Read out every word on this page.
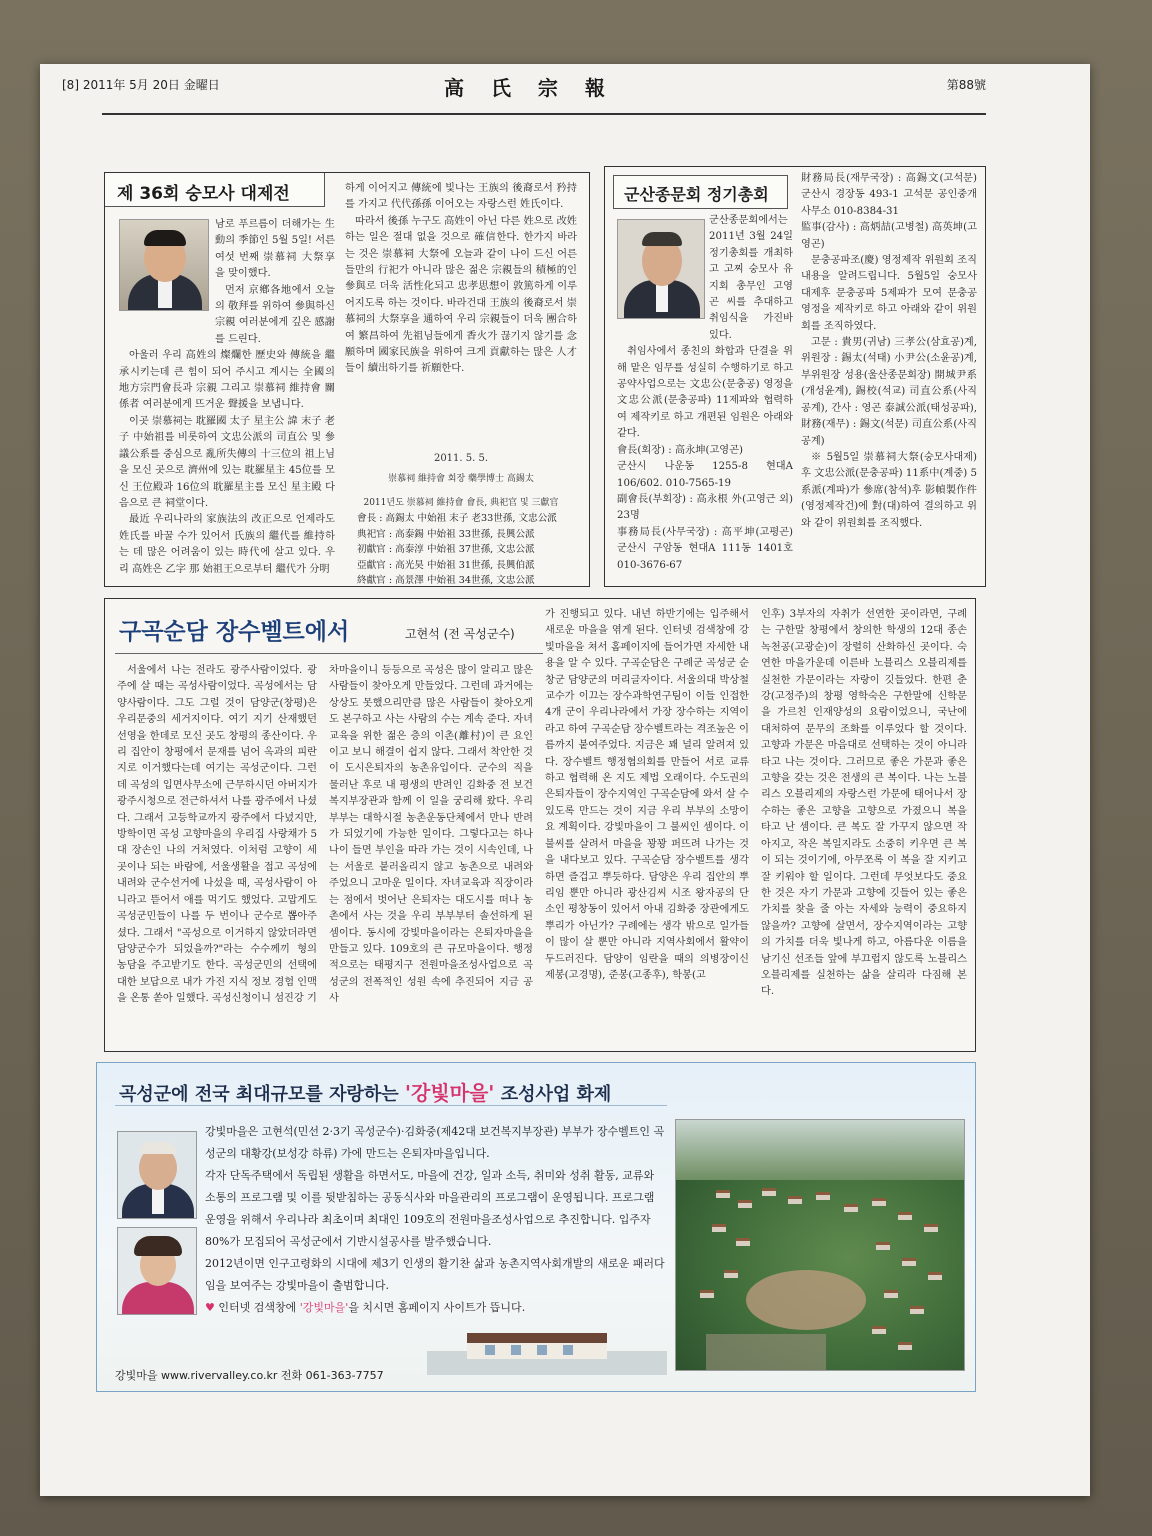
[8] 2011年 5月 20日 金曜日	高 氏 宗 報	第88號
제 36회 숭모사 대제전

남로 푸르름이 더해가는 生動의 季節인 5월 5일! 서른 여섯 번째 崇慕祠 大祭享을 맞이했다.

먼저 京鄕各地에서 오늘의 敬拜를 위하여 參與하신 宗親 여러분에게 깊은 感謝를 드린다.

아울러 우리 高姓의 燦爛한 歷史와 傳統을 繼承시키는데 큰 힘이 되어 주시고 계시는 全國의 地方宗門會長과 宗親 그리고 崇慕祠 維持會 關係者 여러분에게 뜨거운 聲援을 보냅니다.

이곳 崇慕祠는 耽羅國 太子 星主公 諱 末子 老子 中始祖를 비롯하여 文忠公派의 司直公 및 參議公系를 중심으로 亂所失傳의 十三位의 祖上님을 모신 곳으로 濟州에 있는 耽羅星主 45位를 모신 王位殿과 16位의 耽羅星主를 모신 星主殿 다음으로 큰 祠堂이다.

最近 우리나라의 家族法의 改正으로 언제라도 姓氏를 바꿀 수가 있어서 氏族의 繼代를 維持하는 데 많은 어려움이 있는 時代에 살고 있다. 우리 高姓은 乙字 那 始祖王으로부터 繼代가 分明

하게 이어지고 傳統에 빛나는 王族의 後裔로서 矜持를 가지고 代代孫孫 이어오는 자랑스런 姓氏이다.

따라서 後孫 누구도 高姓이 아닌 다른 姓으로 改姓하는 일은 절대 없을 것으로 確信한다. 한가지 바라는 것은 崇慕祠 大祭에 오늘과 같이 나이 드신 어른들만의 行祀가 아니라 많은 젊은 宗親들의 積極的인 參與로 더욱 活性化되고 忠孝思想이 敦篤하게 이루어지도록 하는 것이다. 바라건대 王族의 後裔로서 崇慕祠의 大祭享을 通하여 우리 宗親들이 더욱 團合하여 繁昌하여 先祖님들에게 香火가 끊기지 않기를 念願하며 國家民族을 위하여 크게 貢獻하는 많은 人才들이 續出하기를 祈願한다.

2011. 5. 5.
崇慕祠 維持會 회장 藥學博士 高錫太
2011년도 崇慕祠 維持會 會長, 典祀官 및 三獻官
會長 : 高錫太 中始祖 末子 老33世孫, 文忠公派
典祀官 : 高泰錫 中始祖 33世孫, 長興公派
初獻官 : 高泰淳 中始祖 37世孫, 文忠公派
亞獻官 : 高光昊 中始祖 31世孫, 長興伯派
終獻官 : 高景澤 中始祖 34世孫, 文忠公派
군산종문회 정기총회

군산종문회에서는 2011년 3월 24일 정기총회를 개최하고 고찌 숭모사 유지회 총무인 고영곤 씨를 추대하고 취임식을 가진바 있다.

취임사에서 종친의 화합과 단결을 위해 맡은 임무를 성실히 수행하기로 하고 공약사업으로는 文忠公(문충공) 영정을 文忠公派(문충공파) 11제파와 협력하여 제작키로 하고 개편된 임원은 아래와 같다.

會長(회장) : 高永坤(고영곤)

군산시 나운동 1255-8 현대A 106/602. 010-7565-19

副會長(부회장) : 高永根 外(고영근 외) 23명

事務局長(사무국장) : 高平坤(고평곤) 군산시 구암동 현대A 111동 1401호 010-3676-67

財務局長(재무국장) : 高錫文(고석문) 군산시 경장동 493-1 고석문 공인중개사무소 010-8384-31

監事(감사) : 高炳喆(고병철) 高英坤(고영곤)

문충공파조(慶) 영정제작 위원회 조직내용을 알려드립니다. 5월5일 숭모사 대제후 문충공파 5제파가 모여 문충공 영정을 제작키로 하고 아래와 같이 위원회를 조직하였다.

고문 : 貴男(귀남) 三孝公(삼효공)계, 위원장 : 錫太(석태) 小尹公(소윤공)계, 부위원장 성용(울산종문회장) 開城尹系(개성윤계), 錫校(석교) 司直公系(사직공계), 간사 : 영곤 泰誠公派(태성공파), 財務(재무) : 錫文(석문) 司直公系(사직공계)

※ 5월5일 崇慕祠大祭(숭모사대제)후 文忠公派(문충공파) 11系中(계중) 5系派(계파)가 參席(참석)후 影幀製作件(영정제작건)에 對(대)하여 결의하고 위와 같이 위원회를 조직했다.

구곡순담 장수벨트에서	고현석 (전 곡성군수)

서울에서 나는 전라도 광주사람이었다. 광주에 살 때는 곡성사람이었다. 곡성에서는 담양사람이다. 그도 그럴 것이 담양군(창평)은 우리문중의 세거지이다. 여기 지기 산재했던 선영을 한데로 모신 곳도 창평의 종산이다. 우리 집안이 창평에서 문재를 넘어 옥과의 피란지로 이거했다는데 여기는 곡성군이다. 그런데 곡성의 입면사무소에 근무하시던 아버지가 광주시청으로 전근하셔서 나를 광주에서 나셨다. 그래서 고등학교까지 광주에서 다녔지만, 방학이면 곡성 고향마을의 우리집 사랑채가 5대 장손인 나의 거처였다. 이처럼 고향이 세 곳이나 되는 바람에, 서울생활을 접고 곡성에 내려와 군수선거에 나섰을 때, 곡성사람이 아니라고 뜯어서 애를 먹기도 했었다. 고맙게도 곡성군민들이 나를 두 번이나 군수로 뽑아주셨다. 그래서 "곡성으로 이거하지 않았더라면 담양군수가 되었을까?"라는 수수께끼 형의 농담을 주고받기도 한다. 곡성군민의 선택에 대한 보답으로 내가 가진 지식 정보 경험 인맥을 온통 쏟아 일했다. 곡성신청이니 섬진강 기

차마을이니 등등으로 곡성은 많이 알리고 많은 사람들이 찾아오게 만들었다. 그런데 과거에는 상상도 못했으리만큼 많은 사람들이 찾아오게도 본구하고 사는 사람의 수는 계속 준다. 자녀교육을 위한 젊은 층의 이촌(離村)이 큰 요인이고 보니 해결이 쉽지 않다. 그래서 착안한 것이 도시은퇴자의 농촌유입이다. 군수의 직을 물러난 후로 내 평생의 반려인 김화중 전 보건복지부장관과 함께 이 일을 궁리해 왔다. 우리 부부는 대학시절 농촌운동단체에서 만나 반려가 되었기에 가능한 일이다. 그렇다고는 하나 나이 들면 부인을 따라 가는 것이 시속인데, 나는 서울로 붙러올리지 않고 농촌으로 내려와 주었으니 고마운 일이다. 자녀교육과 직장이라는 점에서 벗어난 은퇴자는 대도시를 떠나 농촌에서 사는 것을 우리 부부부터 솔선하게 된 셈이다. 동시에 강빛마을이라는 은퇴자마을을 만들고 있다. 109호의 큰 규모마을이다. 행정적으로는 태평지구 전원마을조성사업으로 곡성군의 전폭적인 성원 속에 추진되어 지금 공사

가 진행되고 있다. 내년 하반기에는 입주해서 새로운 마을을 엮게 된다. 인터넷 검색창에 강빛마을을 쳐서 홈페이지에 들어가면 자세한 내용을 알 수 있다. 구곡순담은 구례군 곡성군 순창군 담양군의 머리글자이다. 서울의대 박상철 교수가 이끄는 장수과학연구팀이 이들 인접한 4개 군이 우리나라에서 가장 장수하는 지역이라고 하여 구곡순담 장수벨트라는 격조높은 이름까지 붙여주었다. 지금은 꽤 널리 알려져 있다. 장수벨트 행정협의회를 만들어 서로 교류하고 협력해 온 지도 제법 오래이다. 수도권의 은퇴자들이 장수지역인 구곡순담에 와서 살 수 있도록 만드는 것이 지금 우리 부부의 소망이요 계획이다. 강빛마을이 그 불씨인 셈이다. 이 불씨를 살려서 마을을 꽝꽝 퍼뜨려 나가는 것을 내다보고 있다. 구곡순담 장수벨트를 생각하면 즐겁고 뿌듯하다. 담양은 우리 집안의 뿌리임 뿐만 아니라 광산김씨 시조 왕자공의 단소인 평창동이 있어서 아내 김화중 장관에게도 뿌리가 아닌가? 구례에는 생각 밖으로 일가들이 많이 살 뿐만 아니라 지역사회에서 활약이 두드러진다. 담양이 임란을 때의 의병장이신 제봉(고경명), 준봉(고종후), 학봉(고

인후) 3부자의 자취가 선연한 곳이라면, 구례는 구한말 창평에서 창의한 학생의 12대 종손 녹천공(고광순)이 장렬히 산화하신 곳이다. 숙연한 마을가운데 이른바 노블리스 오블리제를 실천한 가문이라는 자랑이 깃들었다. 한편 춘강(고정주)의 창평 영학숙은 구한말에 신학문을 가르친 인재양성의 요람이었으니, 국난에 대처하여 문무의 조화를 이루었다 할 것이다. 고향과 가문은 마음대로 선택하는 것이 아니라 타고 나는 것이다. 그러므로 좋은 가문과 좋은 고향을 갖는 것은 전생의 큰 복이다. 나는 노블리스 오블리제의 자랑스런 가문에 태어나서 장수하는 좋은 고향을 고향으로 가졌으니 복을 타고 난 셈이다. 큰 복도 잘 가꾸지 않으면 작아지고, 작은 복일지라도 소중히 키우면 큰 복이 되는 것이기에, 아무쪼록 이 복을 잘 지키고 잘 키워야 할 일이다. 그런데 무엇보다도 중요한 것은 자기 가문과 고향에 깃들어 있는 좋은 가치를 찾을 줄 아는 자세와 능력이 중요하지 않을까? 고향에 살면서, 장수지역이라는 고향의 가치를 더욱 빛나게 하고, 아름다운 이름을 남기신 선조들 앞에 부끄럽지 않도록 노블리스 오블리제를 실천하는 삶을 살리라 다짐해 본다.

곡성군에 전국 최대규모를 자랑하는 '강빛마을' 조성사업 화제

강빛마을은 고현석(민선 2·3기 곡성군수)·김화중(제42대 보건복지부장관) 부부가 장수벨트인 곡성군의 대황강(보성강 하류) 가에 만드는 은퇴자마을입니다.

각자 단독주택에서 독립된 생활을 하면서도, 마을에 건강, 일과 소득, 취미와 성취 활동, 교류와 소통의 프로그램 및 이를 뒷받침하는 공동식사와 마을관리의 프로그램이 운영됩니다. 프로그램 운영을 위해서 우리나라 최초이며 최대인 109호의 전원마을조성사업으로 추진합니다. 입주자 80%가 모집되어 곡성군에서 기반시설공사를 발주했습니다.

2012년이면 인구고령화의 시대에 제3기 인생의 활기찬 삶과 농촌지역사회개발의 새로운 패러다임을 보여주는 강빛마을이 출범합니다.

♥ 인터넷 검색창에 '강빛마을'을 치시면 홈페이지 사이트가 뜹니다.

강빛마을 www.rivervalley.co.kr 전화 061-363-7757
